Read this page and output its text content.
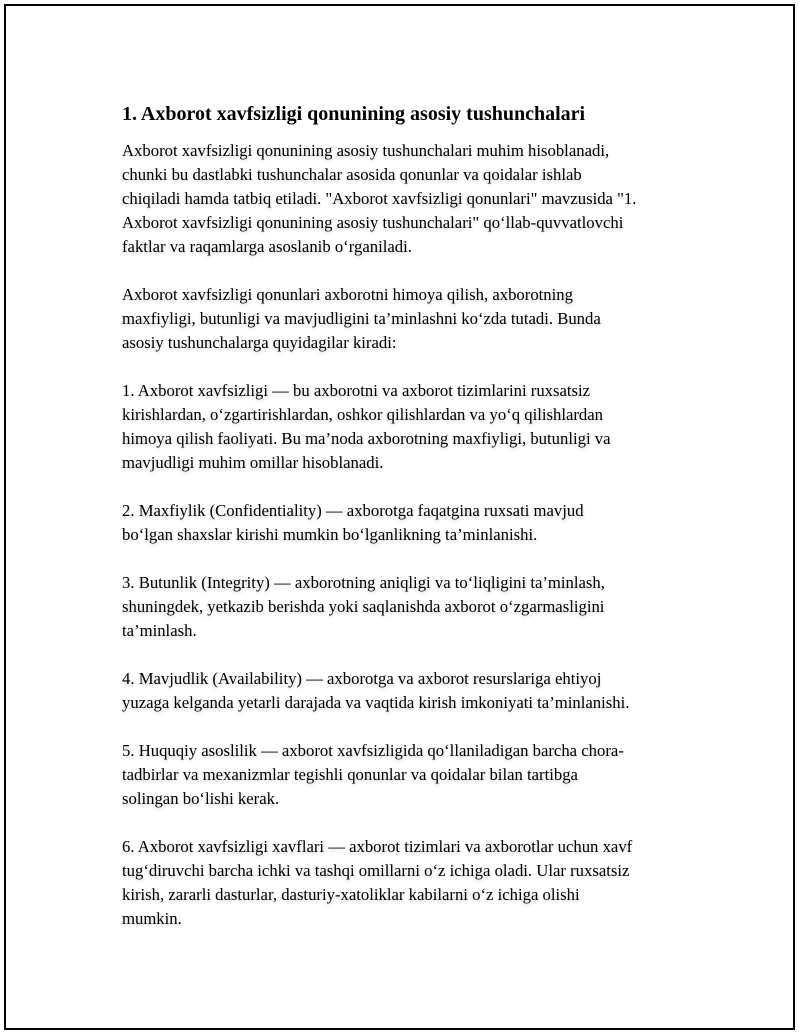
1. Axborot xavfsizligi qonunining asosiy tushunchalari

Axborot xavfsizligi qonunining asosiy tushunchalari muhim hisoblanadi,
chunki bu dastlabki tushunchalar asosida qonunlar va qoidalar ishlab
chiqiladi hamda tatbiq etiladi. "Axborot xavfsizligi qonunlari" mavzusida "1.
Axborot xavfsizligi qonunining asosiy tushunchalari" qo‘llab-quvvatlovchi
faktlar va raqamlarga asoslanib o‘rganiladi.

Axborot xavfsizligi qonunlari axborotni himoya qilish, axborotning
maxfiyligi, butunligi va mavjudligini ta’minlashni ko‘zda tutadi. Bunda
asosiy tushunchalarga quyidagilar kiradi:

1. Axborot xavfsizligi — bu axborotni va axborot tizimlarini ruxsatsiz
kirishlardan, o‘zgartirishlardan, oshkor qilishlardan va yo‘q qilishlardan
himoya qilish faoliyati. Bu ma’noda axborotning maxfiyligi, butunligi va
mavjudligi muhim omillar hisoblanadi.

2. Maxfiylik (Confidentiality) — axborotga faqatgina ruxsati mavjud
bo‘lgan shaxslar kirishi mumkin bo‘lganlikning ta’minlanishi.

3. Butunlik (Integrity) — axborotning aniqligi va to‘liqligini ta’minlash,
shuningdek, yetkazib berishda yoki saqlanishda axborot o‘zgarmasligini
ta’minlash.

4. Mavjudlik (Availability) — axborotga va axborot resurslariga ehtiyoj
yuzaga kelganda yetarli darajada va vaqtida kirish imkoniyati ta’minlanishi.

5. Huquqiy asoslilik — axborot xavfsizligida qo‘llaniladigan barcha chora-
tadbirlar va mexanizmlar tegishli qonunlar va qoidalar bilan tartibga
solingan bo‘lishi kerak.

6. Axborot xavfsizligi xavflari — axborot tizimlari va axborotlar uchun xavf
tug‘diruvchi barcha ichki va tashqi omillarni o‘z ichiga oladi. Ular ruxsatsiz
kirish, zararli dasturlar, dasturiy-xatoliklar kabilarni o‘z ichiga olishi
mumkin.
